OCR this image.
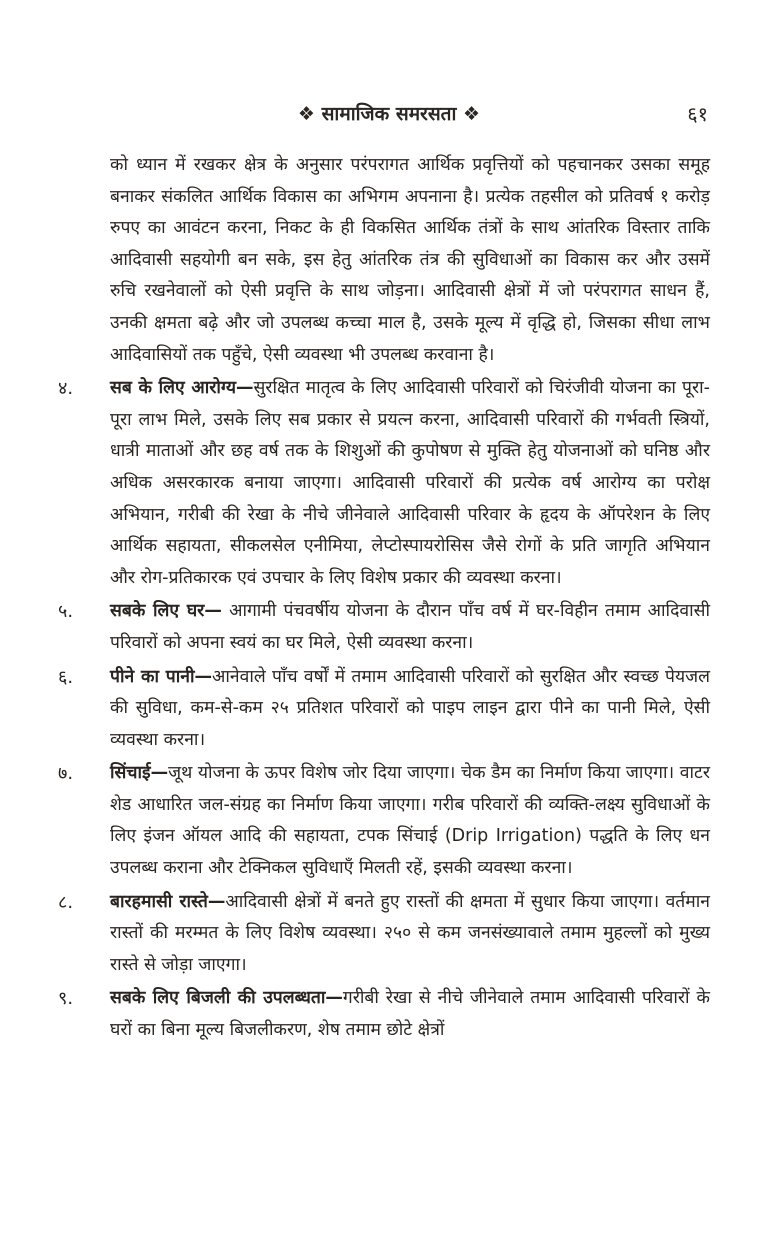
❖ सामाजिक समरसता ❖	६१

को ध्यान में रखकर क्षेत्र के अनुसार परंपरागत आर्थिक प्रवृत्तियों को पहचानकर उसका समूह बनाकर संकलित आर्थिक विकास का अभिगम अपनाना है। प्रत्येक तहसील को प्रतिवर्ष १ करोड़ रुपए का आवंटन करना, निकट के ही विकसित आर्थिक तंत्रों के साथ आंतरिक विस्तार ताकि आदिवासी सहयोगी बन सके, इस हेतु आंतरिक तंत्र की सुविधाओं का विकास कर और उसमें रुचि रखनेवालों को ऐसी प्रवृत्ति के साथ जोड़ना। आदिवासी क्षेत्रों में जो परंपरागत साधन हैं, उनकी क्षमता बढ़े और जो उपलब्ध कच्चा माल है, उसके मूल्य में वृद्धि हो, जिसका सीधा लाभ आदिवासियों तक पहुँचे, ऐसी व्यवस्था भी उपलब्ध करवाना है।

४.	सब के लिए आरोग्य—सुरक्षित मातृत्व के लिए आदिवासी परिवारों को चिरंजीवी योजना का पूरा-पूरा लाभ मिले, उसके लिए सब प्रकार से प्रयत्न करना, आदिवासी परिवारों की गर्भवती स्त्रियों, धात्री माताओं और छह वर्ष तक के शिशुओं की कुपोषण से मुक्ति हेतु योजनाओं को घनिष्ठ और अधिक असरकारक बनाया जाएगा। आदिवासी परिवारों की प्रत्येक वर्ष आरोग्य का परोक्ष अभियान, गरीबी की रेखा के नीचे जीनेवाले आदिवासी परिवार के हृदय के ऑपरेशन के लिए आर्थिक सहायता, सीकलसेल एनीमिया, लेप्टोस्पायरोसिस जैसे रोगों के प्रति जागृति अभियान और रोग-प्रतिकारक एवं उपचार के लिए विशेष प्रकार की व्यवस्था करना।
५.	सबके लिए घर— आगामी पंचवर्षीय योजना के दौरान पाँच वर्ष में घर-विहीन तमाम आदिवासी परिवारों को अपना स्वयं का घर मिले, ऐसी व्यवस्था करना।
६.	पीने का पानी—आनेवाले पाँच वर्षों में तमाम आदिवासी परिवारों को सुरक्षित और स्वच्छ पेयजल की सुविधा, कम-से-कम २५ प्रतिशत परिवारों को पाइप लाइन द्वारा पीने का पानी मिले, ऐसी व्यवस्था करना।
७.	सिंचाई—जूथ योजना के ऊपर विशेष जोर दिया जाएगा। चेक डैम का निर्माण किया जाएगा। वाटर शेड आधारित जल-संग्रह का निर्माण किया जाएगा। गरीब परिवारों की व्यक्ति-लक्ष्य सुविधाओं के लिए इंजन ऑयल आदि की सहायता, टपक सिंचाई (Drip Irrigation) पद्धति के लिए धन उपलब्ध कराना और टेक्निकल सुविधाएँ मिलती रहें, इसकी व्यवस्था करना।
८.	बारहमासी रास्ते—आदिवासी क्षेत्रों में बनते हुए रास्तों की क्षमता में सुधार किया जाएगा। वर्तमान रास्तों की मरम्मत के लिए विशेष व्यवस्था। २५० से कम जनसंख्यावाले तमाम मुहल्लों को मुख्य रास्ते से जोड़ा जाएगा।
९.	सबके लिए बिजली की उपलब्धता—गरीबी रेखा से नीचे जीनेवाले तमाम आदिवासी परिवारों के घरों का बिना मूल्य बिजलीकरण, शेष तमाम छोटे क्षेत्रों
